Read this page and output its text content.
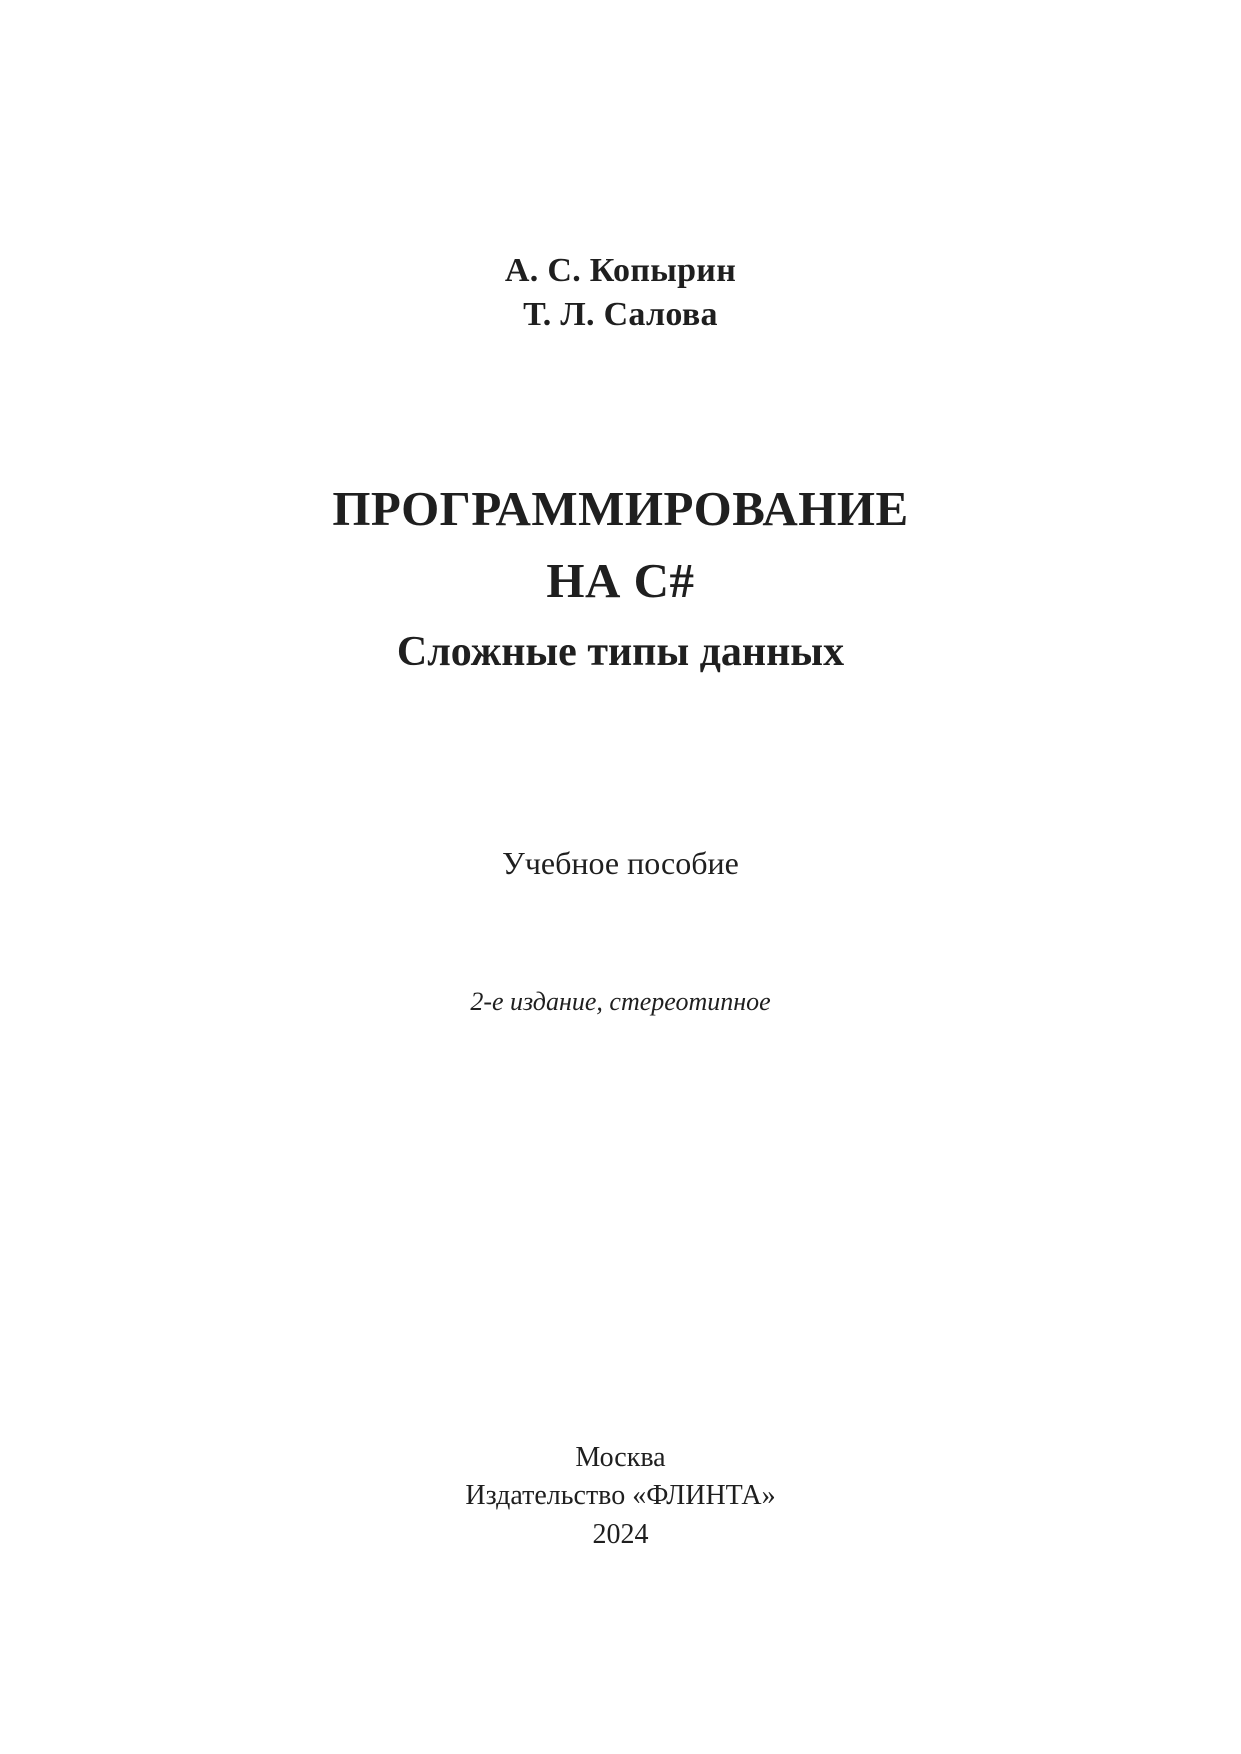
А. С. Копырин
Т. Л. Салова
ПРОГРАММИРОВАНИЕ
НА C#
Сложные типы данных
Учебное пособие
2-е издание, стереотипное
Москва
Издательство «ФЛИНТА»
2024
